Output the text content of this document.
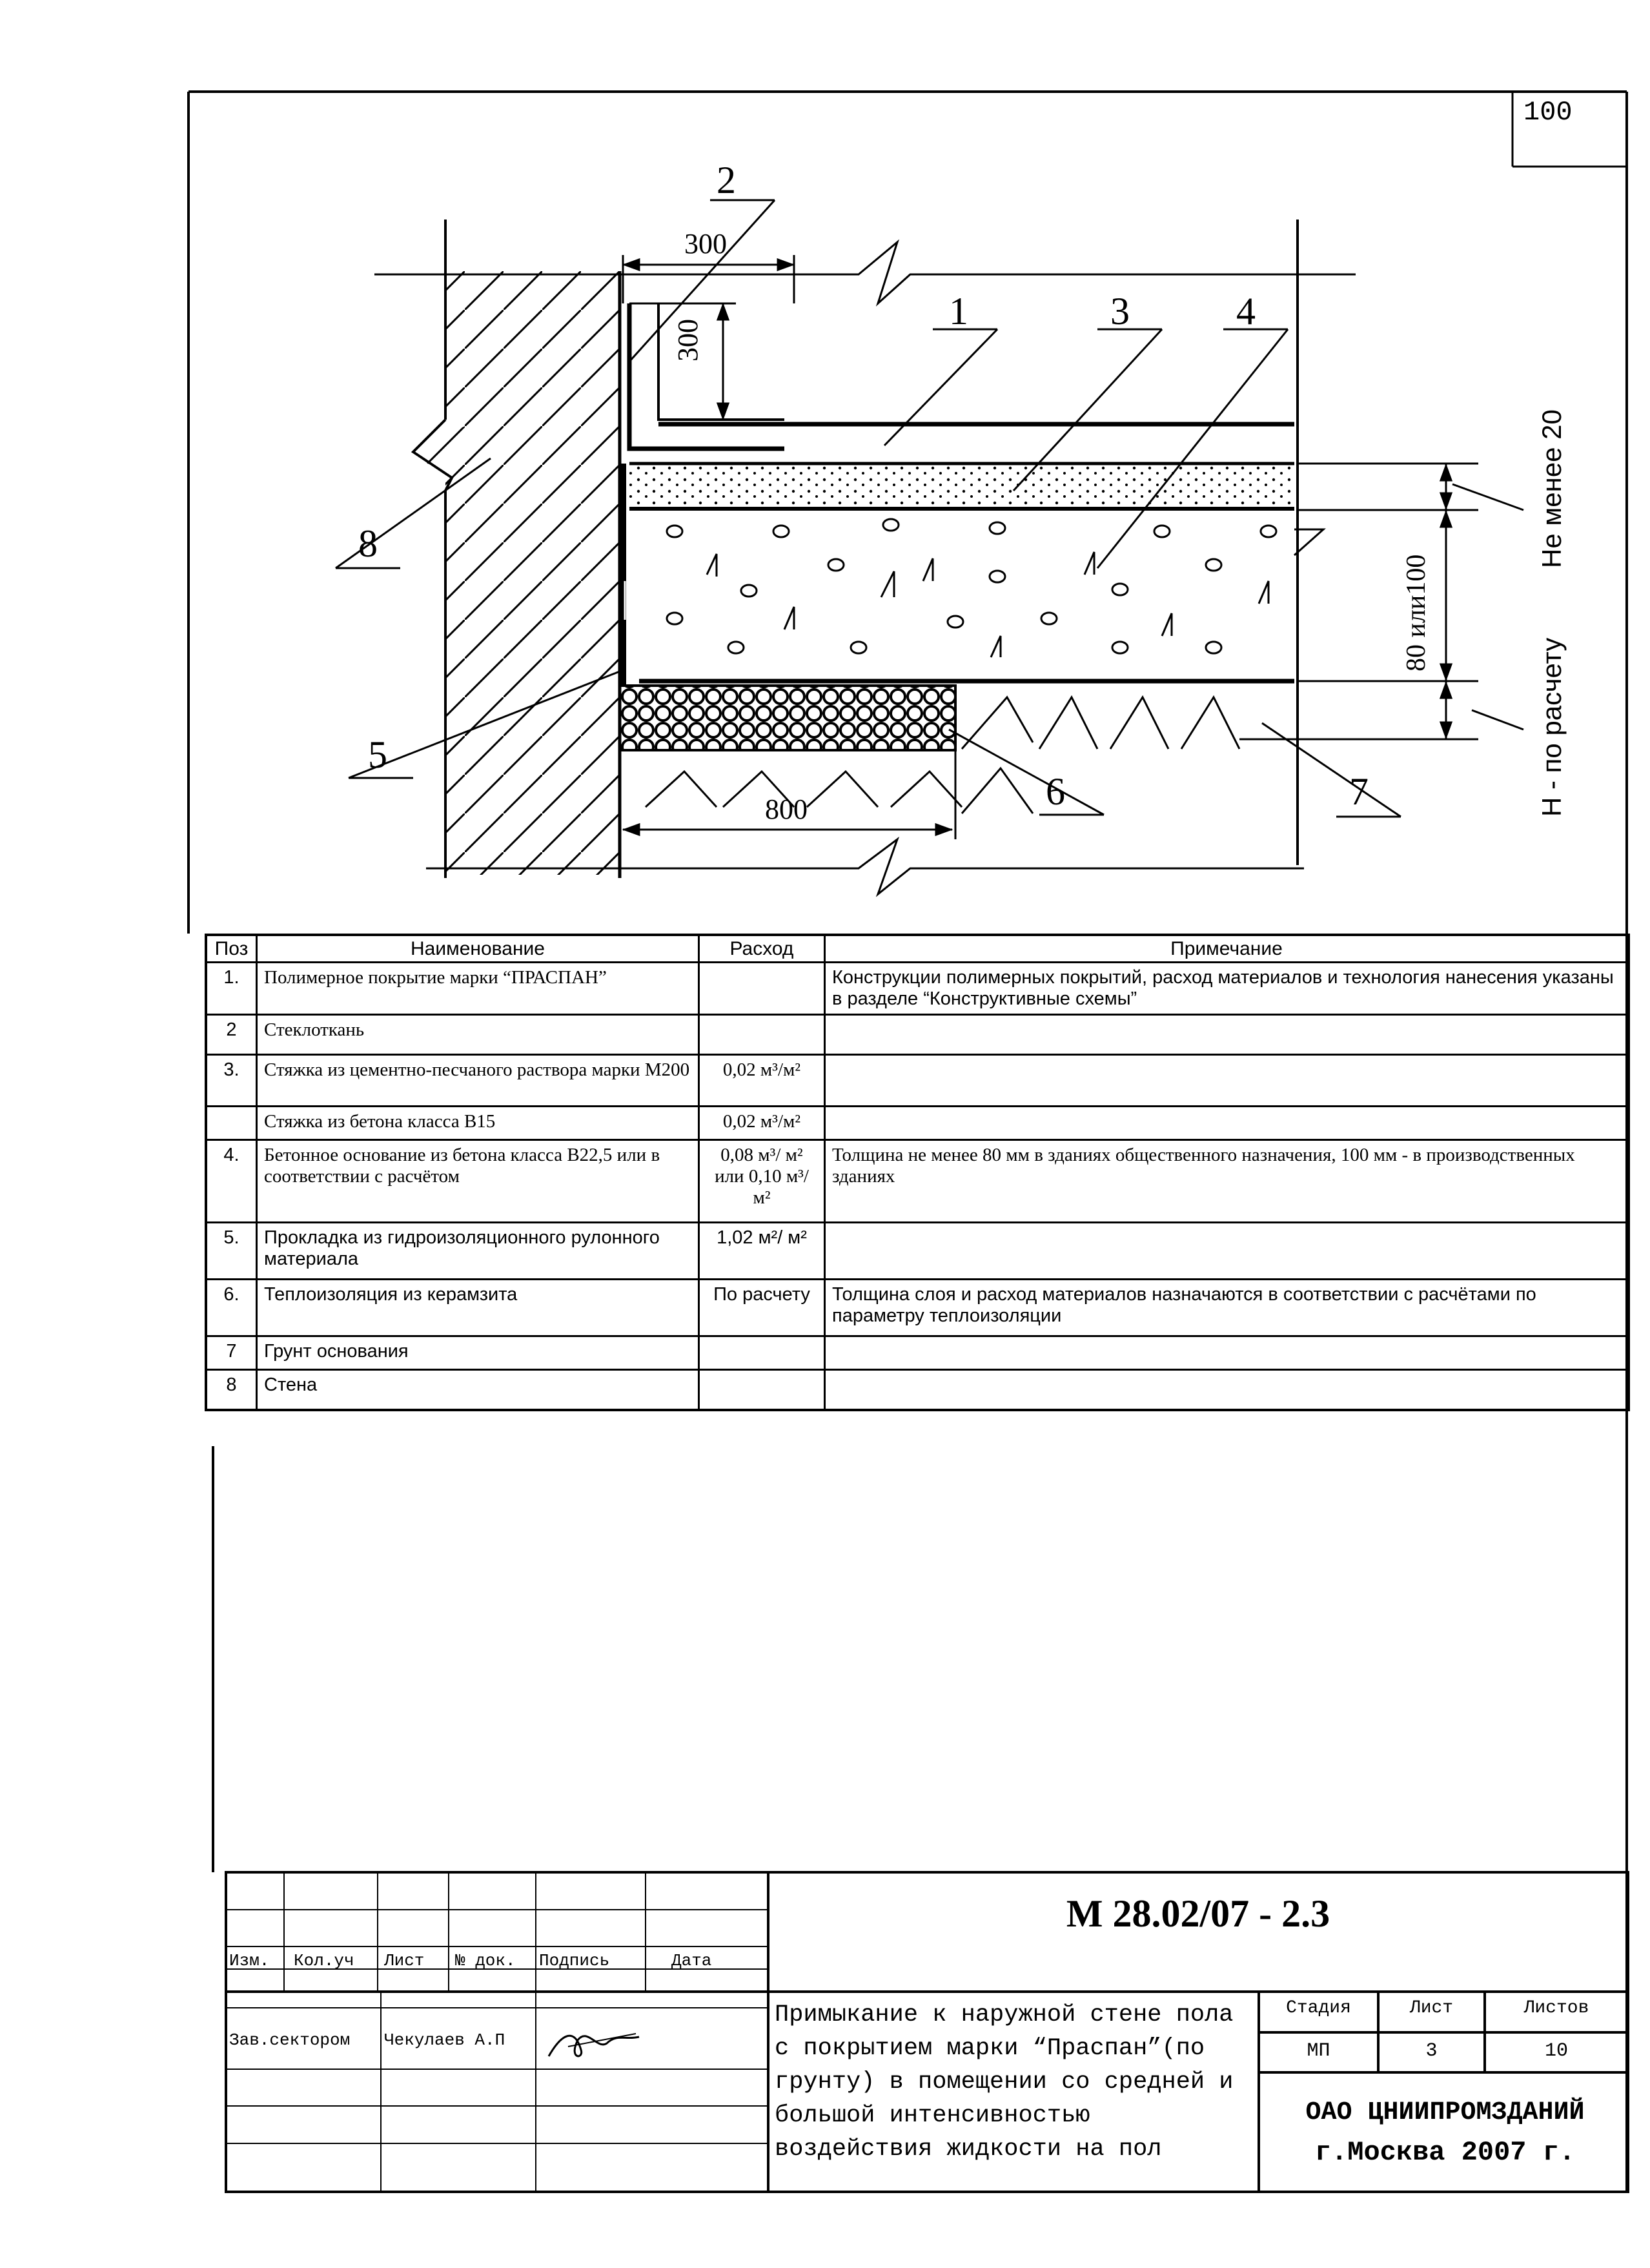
100
2
1	3	4
8
5
6	7
300
300
800
80 или100
Не менее 20
Н - по расчету
Поз	Наименование	Расход	Примечание
1.	Полимерное покрытие марки “ПРАСПАН”		Конструкции полимерных покрытий, расход материалов и технология нанесения указаны в разделе “Конструктивные схемы”
2	Стеклоткань		
3.	Стяжка из цементно-песчаного раствора марки М200	0,02 м³/м²	
	Стяжка из бетона класса В15	0,02 м³/м²	
4.	Бетонное основание из бетона класса В22,5 или в соответствии с расчётом	0,08 м³/ м² или 0,10 м³/ м²	Толщина не менее 80 мм в зданиях общественного назначения, 100 мм - в производственных зданиях
5.	Прокладка из гидроизоляционного рулонного материала	1,02 м²/ м²	
6.	Теплоизоляция из керамзита	По расчету	Толщина слоя и расход материалов назначаются в соответствии с расчётами по параметру теплоизоляции
7	Грунт основания		
8	Стена		
М 28.02/07 - 2.3
Изм. Кол.уч Лист № док. Подпись	Дата
Зав.сектором Чекулаев А.П
Примыкание к наружной стене пола с покрытием марки “Праспан”(по грунту) в помещении со средней и большой интенсивностью воздействия жидкости на пол
Стадия	Лист	Листов
МП	3	10
ОАО ЦНИИПРОМЗДАНИЙ
г.Москва 2007 г.
